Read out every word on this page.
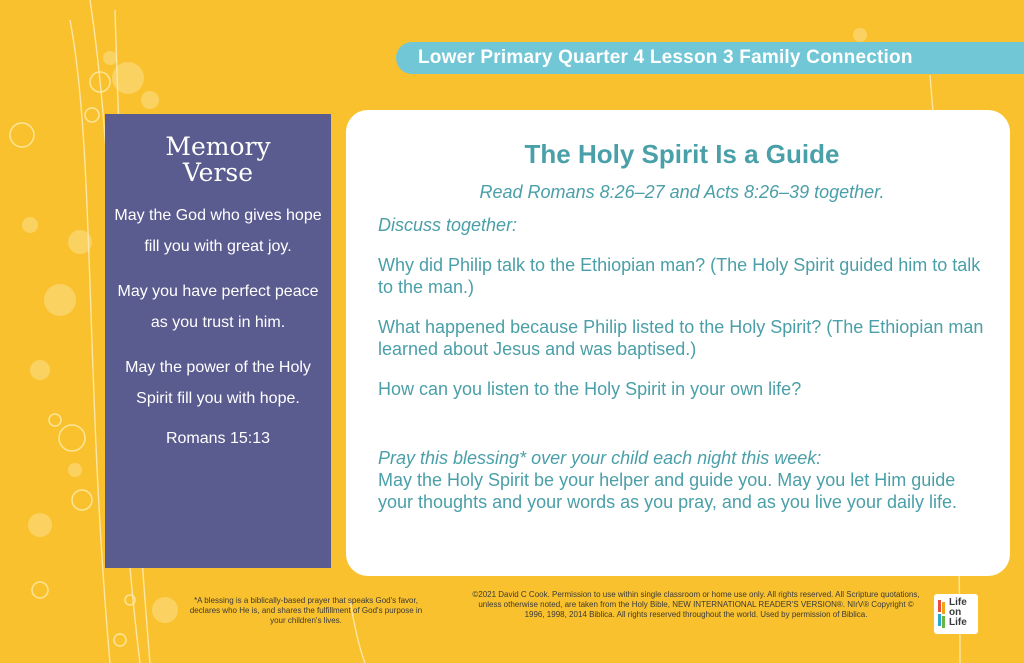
Lower Primary Quarter 4 Lesson 3 Family Connection
Memory
Verse

May the God who gives hope fill you with great joy.

May you have perfect peace as you trust in him.

May the power of the Holy Spirit fill you with hope.

Romans 15:13
The Holy Spirit Is a Guide
Read Romans 8:26–27 and Acts 8:26–39 together.
Discuss together:
Why did Philip talk to the Ethiopian man? (The Holy Spirit guided him to talk to the man.)
What happened because Philip listed to the Holy Spirit? (The Ethiopian man learned about Jesus and was baptised.)
How can you listen to the Holy Spirit in your own life?
Pray this blessing* over your child each night this week:
May the Holy Spirit be your helper and guide you. May you let Him guide your thoughts and your words as you pray, and as you live your daily life.
*A blessing is a biblically-based prayer that speaks God's favor, declares who He is, and shares the fulfillment of God's purpose in your children's lives.
©2021 David C Cook. Permission to use within single classroom or home use only. All rights reserved. All Scripture quotations, unless otherwise noted, are taken from the Holy Bible, NEW INTERNATIONAL READER'S VERSION®. NIrV® Copyright © 1996, 1998, 2014 Biblica. All rights reserved throughout the world. Used by permission of Biblica.
Life
on
Life
